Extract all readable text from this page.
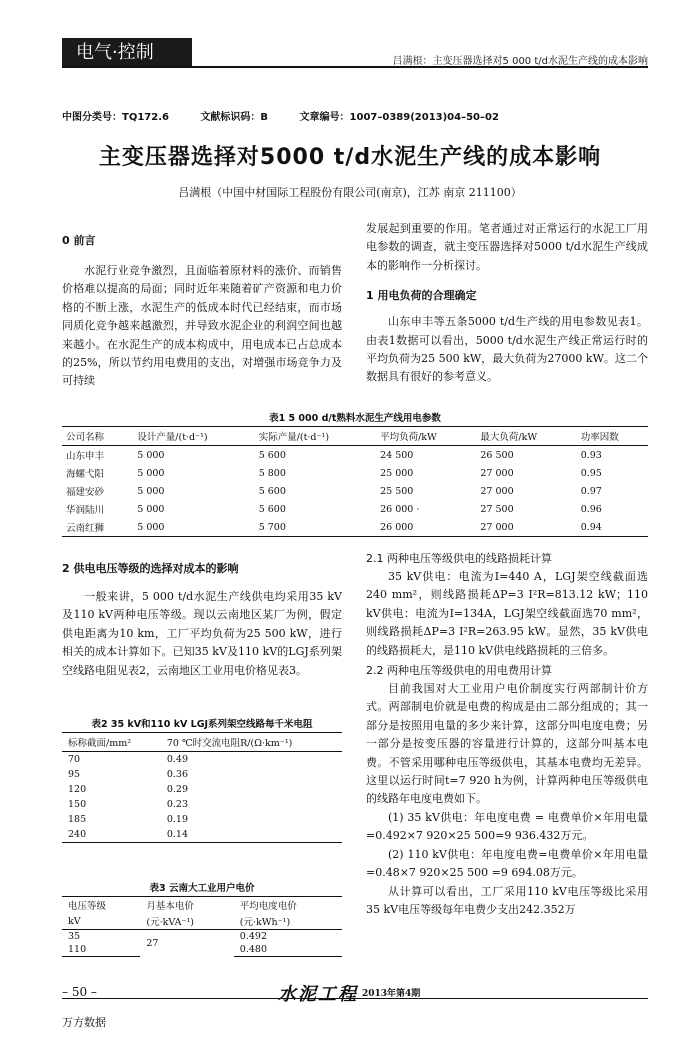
电气·控制	吕满根：主变压器选择对5 000 t/d水泥生产线的成本影响
中图分类号：TQ172.6	文献标识码：B	文章编号：1007–0389(2013)04–50–02
主变压器选择对5000 t/d水泥生产线的成本影响
吕满根（中国中材国际工程股份有限公司(南京)，江苏 南京 211100）
0 前言

水泥行业竞争激烈，且面临着原材料的涨价、而销售价格难以提高的局面；同时近年来随着矿产资源和电力价格的不断上涨，水泥生产的低成本时代已经结束，而市场同质化竞争越来越激烈，并导致水泥企业的利润空间也越来越小。在水泥生产的成本构成中，用电成本已占总成本的25%，所以节约用电费用的支出，对增强市场竞争力及可持续

发展起到重要的作用。笔者通过对正常运行的水泥工厂用电参数的调查，就主变压器选择对5000 t/d水泥生产线成本的影响作一分析探讨。

1 用电负荷的合理确定

山东申丰等五条5000 t/d生产线的用电参数见表1。由表1数据可以看出，5000 t/d水泥生产线正常运行时的平均负荷为25 500 kW，最大负荷为27000 kW。这二个数据具有很好的参考意义。

表1 5 000 d/t熟料水泥生产线用电参数
公司名称	设计产量/(t·d⁻¹)	实际产量/(t·d⁻¹)	平均负荷/kW	最大负荷/kW	功率因数
山东申丰	5 000	5 600	24 500	26 500	0.93
海螺弋阳	5 000	5 800	25 000	27 000	0.95
福建安砂	5 000	5 600	25 500	27 000	0.97
华润陆川	5 000	5 600	26 000 ·	27 500	0.96
云南红狮	5 000	5 700	26 000	27 000	0.94
2 供电电压等级的选择对成本的影响

一般来讲，5 000 t/d水泥生产线供电均采用35 kV及110 kV两种电压等级。现以云南地区某厂为例，假定供电距离为10 km，工厂平均负荷为25 500 kW，进行相关的成本计算如下。已知35 kV及110 kV的LGJ系列架空线路电阻见表2，云南地区工业用电价格见表3。

表2 35 kV和110 kV LGJ系列架空线路每千米电阻
标称截面/mm²	70 ℃时交流电阻R/(Ω·km⁻¹)
70	0.49
95	0.36
120	0.29
150	0.23
185	0.19
240	0.14
表3 云南大工业用户电价
电压等级	月基本电价	平均电度电价
kV	(元·kVA⁻¹)	(元·kWh⁻¹)
35	27	0.492
110		0.480
2.1 两种电压等级供电的线路损耗计算

35 kV供电：电流为I=440 A，LGJ架空线截面选240 mm²，则线路损耗ΔP=3 I²R=813.12 kW；110 kV供电：电流为I=134A，LGJ架空线截面选70 mm²，则线路损耗ΔP=3 I²R=263.95 kW。显然，35 kV供电的线路损耗大，是110 kV供电线路损耗的三倍多。

2.2 两种电压等级供电的用电费用计算

目前我国对大工业用户电价制度实行两部制计价方式。两部制电价就是电费的构成是由二部分组成的；其一部分是按照用电量的多少来计算，这部分叫电度电费；另一部分是按变压器的容量进行计算的，这部分叫基本电费。不管采用哪种电压等级供电，其基本电费均无差异。这里以运行时间t=7 920 h为例，计算两种电压等级供电的线路年电度电费如下。

(1) 35 kV供电：年电度电费 = 电费单价×年用电量 =0.492×7 920×25 500=9 936.432万元。

(2) 110 kV供电：年电度电费=电费单价×年用电量=0.48×7 920×25 500 =9 694.08万元。

从计算可以看出，工厂采用110 kV电压等级比采用35 kV电压等级每年电费少支出242.352万

– 50 –	水泥工程 2013年第4期
万方数据
